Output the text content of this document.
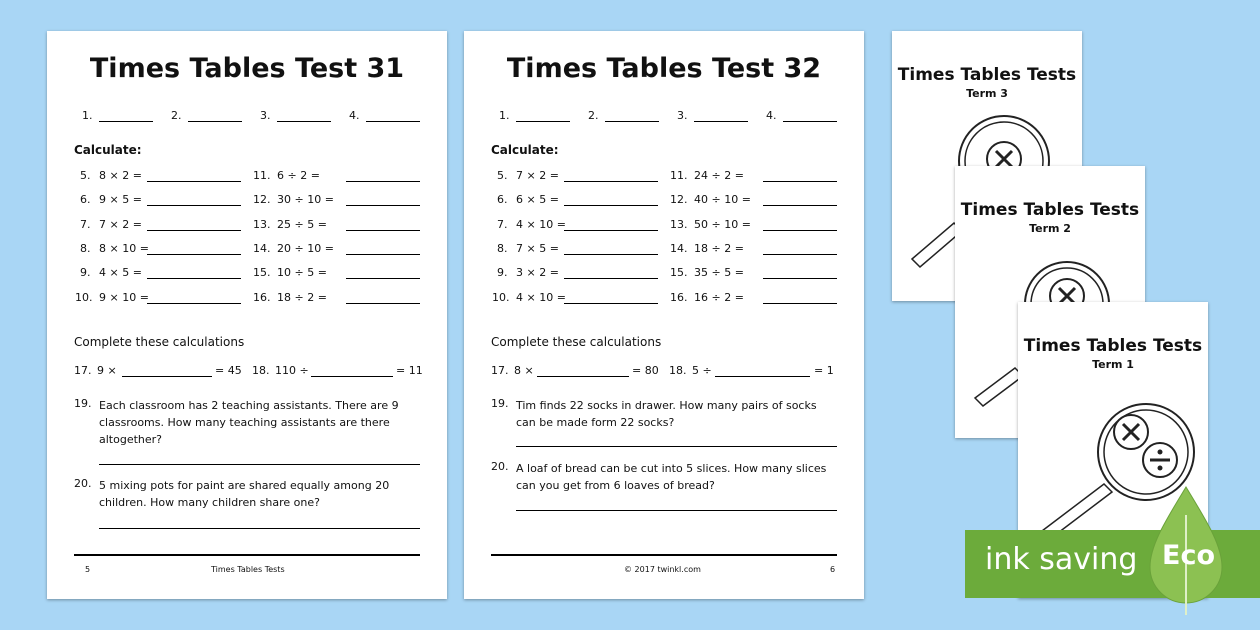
Times Tables Test 31
1.	2.	3.	4.
Calculate:
5. 8 × 2 =
6. 9 × 5 =
7. 7 × 2 =
8. 8 × 10 =
9. 4 × 5 =
10. 9 × 10 =
11. 6 ÷ 2 =
12. 30 ÷ 10 =
13. 25 ÷ 5 =
14. 20 ÷ 10 =
15. 10 ÷ 5 =
16. 18 ÷ 2 =
Complete these calculations
17. 9 ×	= 45 18. 110 ÷	= 11
19. Each classroom has 2 teaching assistants. There are 9 classrooms. How many teaching assistants are there altogether?
20. 5 mixing pots for paint are shared equally among 20 children. How many children share one?
5	Times Tables Tests
Times Tables Test 32
1.	2.	3.	4.
Calculate:
5. 7 × 2 =
6. 6 × 5 =
7. 4 × 10 =
8. 7 × 5 =
9. 3 × 2 =
10. 4 × 10 =
11. 24 ÷ 2 =
12. 40 ÷ 10 =
13. 50 ÷ 10 =
14. 18 ÷ 2 =
15. 35 ÷ 5 =
16. 16 ÷ 2 =
Complete these calculations
17. 8 ×	= 80 18. 5 ÷	= 1
19. Tim finds 22 socks in drawer. How many pairs of socks can be made form 22 socks?
20. A loaf of bread can be cut into 5 slices. How many slices can you get from 6 loaves of bread?
© 2017 twinkl.com	6
Times Tables Tests
Term 3
Times Tables Tests
Term 2
Times Tables Tests
Term 1
ink saving Eco
